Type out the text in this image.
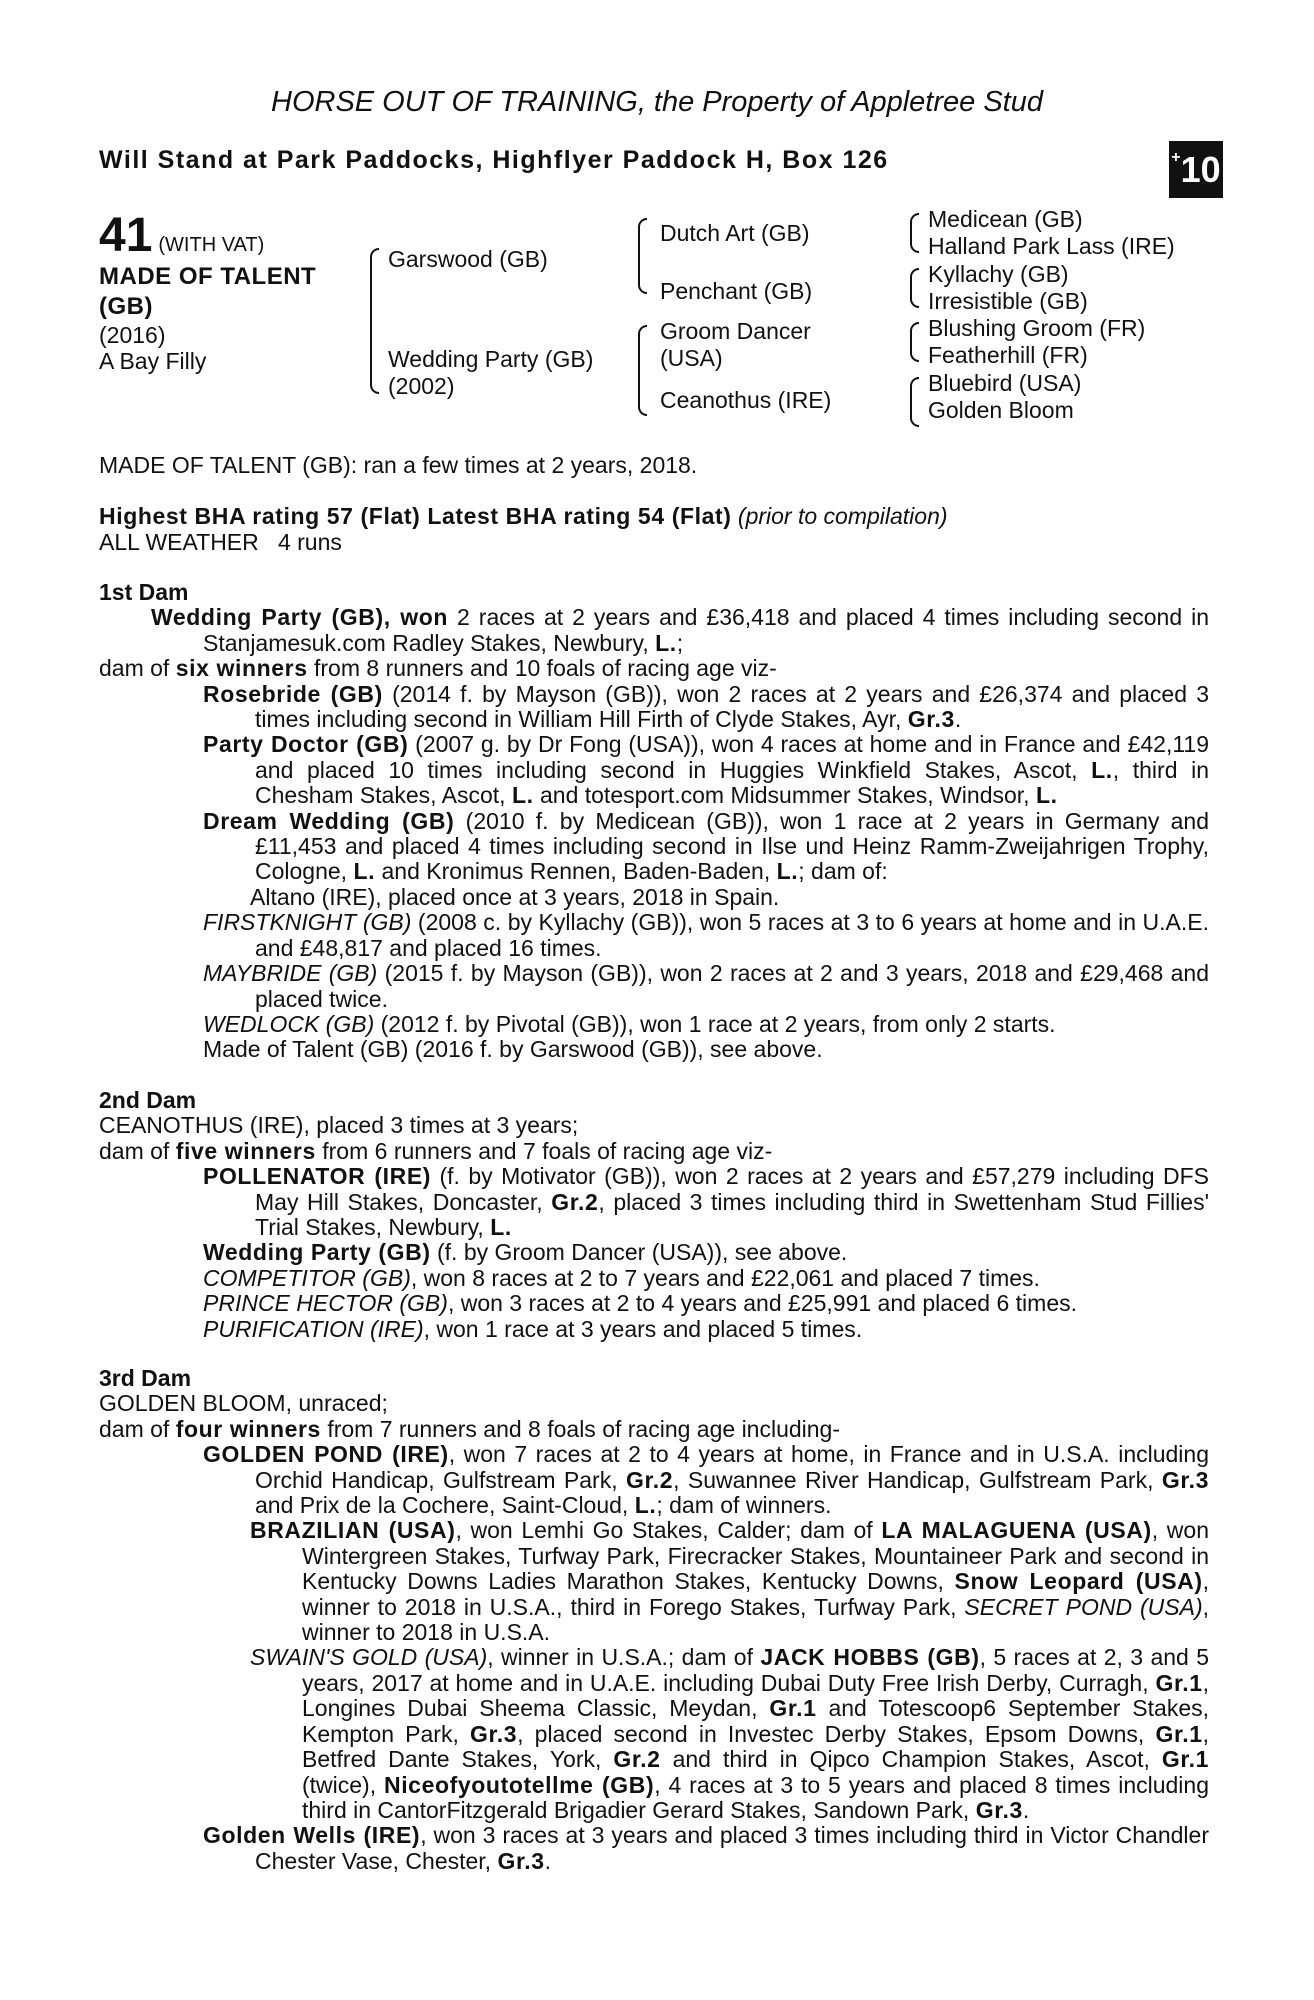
HORSE OUT OF TRAINING, the Property of Appletree Stud
Will Stand at Park Paddocks, Highflyer Paddock H, Box 126	+ 10
41 (WITH VAT)
MADE OF TALENT
(GB)
(2016)
A Bay Filly
Garswood (GB)
Wedding Party (GB)
(2002)
Dutch Art (GB)
Penchant (GB)
Groom Dancer
(USA)
Ceanothus (IRE)
Medicean (GB)
Halland Park Lass (IRE)
Kyllachy (GB)
Irresistible (GB)
Blushing Groom (FR)
Featherhill (FR)
Bluebird (USA)
Golden Bloom
MADE OF TALENT (GB): ran a few times at 2 years, 2018.
Highest BHA rating 57 (Flat) Latest BHA rating 54 (Flat) (prior to compilation)
ALL WEATHER 4 runs
1st Dam

Wedding Party (GB), won 2 races at 2 years and £36,418 and placed 4 times including second in Stanjamesuk.com Radley Stakes, Newbury, L.;

dam of six winners from 8 runners and 10 foals of racing age viz-

Rosebride (GB) (2014 f. by Mayson (GB)), won 2 races at 2 years and £26,374 and placed 3 times including second in William Hill Firth of Clyde Stakes, Ayr, Gr.3.

Party Doctor (GB) (2007 g. by Dr Fong (USA)), won 4 races at home and in France and £42,119 and placed 10 times including second in Huggies Winkfield Stakes, Ascot, L., third in Chesham Stakes, Ascot, L. and totesport.com Midsummer Stakes, Windsor, L.

Dream Wedding (GB) (2010 f. by Medicean (GB)), won 1 race at 2 years in Germany and £11,453 and placed 4 times including second in Ilse und Heinz Ramm-Zweijahrigen Trophy, Cologne, L. and Kronimus Rennen, Baden-Baden, L.; dam of:

Altano (IRE), placed once at 3 years, 2018 in Spain.

FIRSTKNIGHT (GB) (2008 c. by Kyllachy (GB)), won 5 races at 3 to 6 years at home and in U.A.E. and £48,817 and placed 16 times.

MAYBRIDE (GB) (2015 f. by Mayson (GB)), won 2 races at 2 and 3 years, 2018 and £29,468 and placed twice.

WEDLOCK (GB) (2012 f. by Pivotal (GB)), won 1 race at 2 years, from only 2 starts.

Made of Talent (GB) (2016 f. by Garswood (GB)), see above.

2nd Dam

CEANOTHUS (IRE), placed 3 times at 3 years;

dam of five winners from 6 runners and 7 foals of racing age viz-

POLLENATOR (IRE) (f. by Motivator (GB)), won 2 races at 2 years and £57,279 including DFS May Hill Stakes, Doncaster, Gr.2, placed 3 times including third in Swettenham Stud Fillies' Trial Stakes, Newbury, L.

Wedding Party (GB) (f. by Groom Dancer (USA)), see above.

COMPETITOR (GB), won 8 races at 2 to 7 years and £22,061 and placed 7 times.

PRINCE HECTOR (GB), won 3 races at 2 to 4 years and £25,991 and placed 6 times.

PURIFICATION (IRE), won 1 race at 3 years and placed 5 times.

3rd Dam

GOLDEN BLOOM, unraced;

dam of four winners from 7 runners and 8 foals of racing age including-

GOLDEN POND (IRE), won 7 races at 2 to 4 years at home, in France and in U.S.A. including Orchid Handicap, Gulfstream Park, Gr.2, Suwannee River Handicap, Gulfstream Park, Gr.3 and Prix de la Cochere, Saint-Cloud, L.; dam of winners.

BRAZILIAN (USA), won Lemhi Go Stakes, Calder; dam of LA MALAGUENA (USA), won Wintergreen Stakes, Turfway Park, Firecracker Stakes, Mountaineer Park and second in Kentucky Downs Ladies Marathon Stakes, Kentucky Downs, Snow Leopard (USA), winner to 2018 in U.S.A., third in Forego Stakes, Turfway Park, SECRET POND (USA), winner to 2018 in U.S.A.

SWAIN'S GOLD (USA), winner in U.S.A.; dam of JACK HOBBS (GB), 5 races at 2, 3 and 5 years, 2017 at home and in U.A.E. including Dubai Duty Free Irish Derby, Curragh, Gr.1, Longines Dubai Sheema Classic, Meydan, Gr.1 and Totescoop6 September Stakes, Kempton Park, Gr.3, placed second in Investec Derby Stakes, Epsom Downs, Gr.1, Betfred Dante Stakes, York, Gr.2 and third in Qipco Champion Stakes, Ascot, Gr.1 (twice), Niceofyoutotellme (GB), 4 races at 3 to 5 years and placed 8 times including third in CantorFitzgerald Brigadier Gerard Stakes, Sandown Park, Gr.3.

Golden Wells (IRE), won 3 races at 3 years and placed 3 times including third in Victor Chandler Chester Vase, Chester, Gr.3.
